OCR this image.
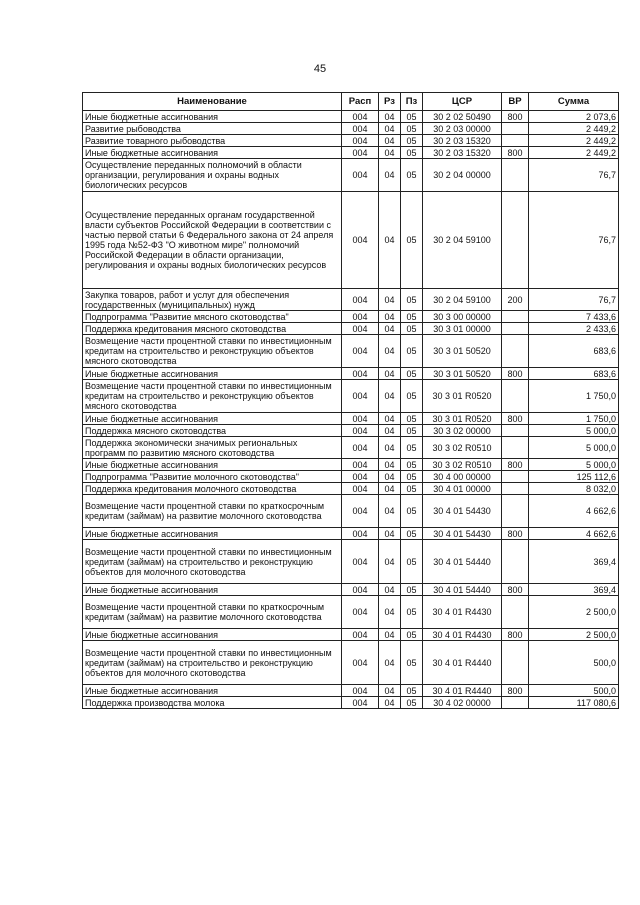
45
Наименование	Расп	Рз	Пз	ЦСР	ВР	Сумма
Иные бюджетные ассигнования	004	04	05	30 2 02 50490	800	2 073,6
Развитие рыбоводства	004	04	05	30 2 03 00000		2 449,2
Развитие товарного рыбоводства	004	04	05	30 2 03 15320		2 449,2
Иные бюджетные ассигнования	004	04	05	30 2 03 15320	800	2 449,2
Осуществление переданных полномочий в области организации, регулирования и охраны водных биологических ресурсов	004	04	05	30 2 04 00000		76,7
Осуществление переданных органам государственной власти субъектов Российской Федерации в соответствии с частью первой статьи 6 Федерального закона от 24 апреля 1995 года №52-ФЗ "О животном мире" полномочий Российской Федерации в области организации, регулирования и охраны водных биологических ресурсов	004	04	05	30 2 04 59100		76,7
Закупка товаров, работ и услуг для обеспечения государственных (муниципальных) нужд	004	04	05	30 2 04 59100	200	76,7
Подпрограмма "Развитие мясного скотоводства"	004	04	05	30 3 00 00000		7 433,6
Поддержка кредитования мясного скотоводства	004	04	05	30 3 01 00000		2 433,6
Возмещение части процентной ставки по инвестиционным кредитам на строительство и реконструкцию объектов мясного скотоводства	004	04	05	30 3 01 50520		683,6
Иные бюджетные ассигнования	004	04	05	30 3 01 50520	800	683,6
Возмещение части процентной ставки по инвестиционным кредитам на строительство и реконструкцию объектов мясного скотоводства	004	04	05	30 3 01 R0520		1 750,0
Иные бюджетные ассигнования	004	04	05	30 3 01 R0520	800	1 750,0
Поддержка мясного скотоводства	004	04	05	30 3 02 00000		5 000,0
Поддержка экономически значимых региональных программ по развитию мясного скотоводства	004	04	05	30 3 02 R0510		5 000,0
Иные бюджетные ассигнования	004	04	05	30 3 02 R0510	800	5 000,0
Подпрограмма "Развитие молочного скотоводства"	004	04	05	30 4 00 00000		125 112,6
Поддержка кредитования молочного скотоводства	004	04	05	30 4 01 00000		8 032,0
Возмещение части процентной ставки по краткосрочным кредитам (займам) на развитие молочного скотоводства	004	04	05	30 4 01 54430		4 662,6
Иные бюджетные ассигнования	004	04	05	30 4 01 54430	800	4 662,6
Возмещение части процентной ставки по инвестиционным кредитам (займам) на строительство и реконструкцию объектов для молочного скотоводства	004	04	05	30 4 01 54440		369,4
Иные бюджетные ассигнования	004	04	05	30 4 01 54440	800	369,4
Возмещение части процентной ставки по краткосрочным кредитам (займам) на развитие молочного скотоводства	004	04	05	30 4 01 R4430		2 500,0
Иные бюджетные ассигнования	004	04	05	30 4 01 R4430	800	2 500,0
Возмещение части процентной ставки по инвестиционным кредитам (займам) на строительство и реконструкцию объектов для молочного скотоводства	004	04	05	30 4 01 R4440		500,0
Иные бюджетные ассигнования	004	04	05	30 4 01 R4440	800	500,0
Поддержка производства молока	004	04	05	30 4 02 00000		117 080,6
